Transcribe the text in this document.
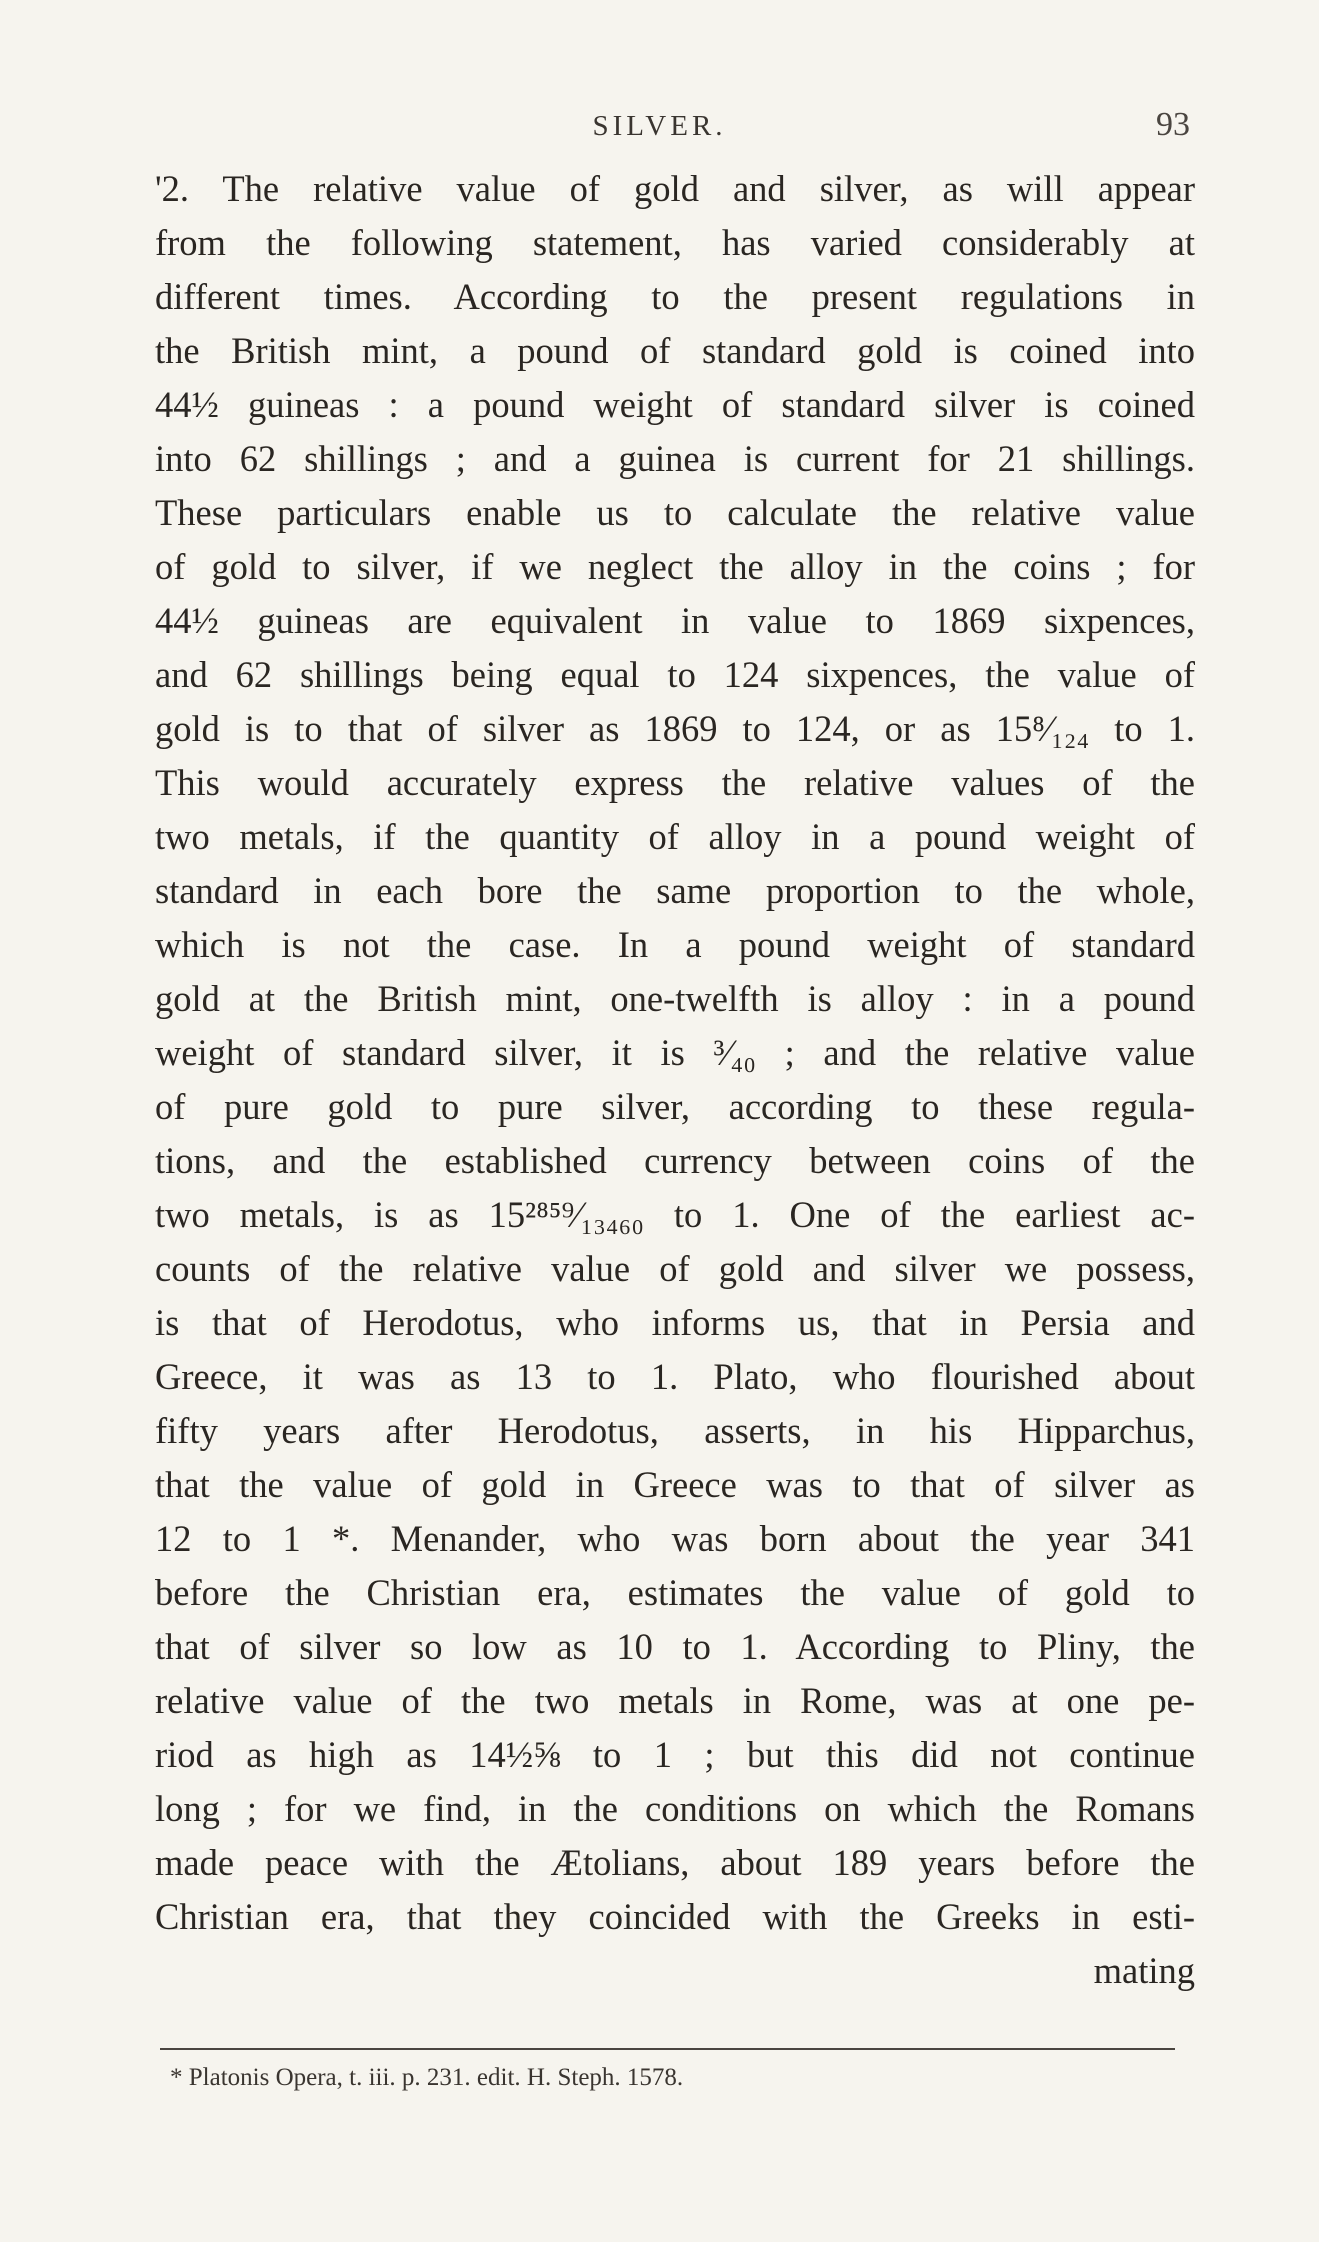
SILVER.	93
'2. The relative value of gold and silver, as will appear
from the following statement, has varied considerably at
different times. According to the present regulations in
the British mint, a pound of standard gold is coined into
44½ guineas : a pound weight of standard silver is coined
into 62 shillings ; and a guinea is current for 21 shillings.
These particulars enable us to calculate the relative value
of gold to silver, if we neglect the alloy in the coins ; for
44½ guineas are equivalent in value to 1869 sixpences,
and 62 shillings being equal to 124 sixpences, the value of
gold is to that of silver as 1869 to 124, or as 15⁸⁄₁₂₄ to 1.
This would accurately express the relative values of the
two metals, if the quantity of alloy in a pound weight of
standard in each bore the same proportion to the whole,
which is not the case. In a pound weight of standard
gold at the British mint, one-twelfth is alloy : in a pound
weight of standard silver, it is ³⁄₄₀ ; and the relative value
of pure gold to pure silver, according to these regula-
tions, and the established currency between coins of the
two metals, is as 15²⁸⁵⁹⁄₁₃₄₆₀ to 1. One of the earliest ac-
counts of the relative value of gold and silver we possess,
is that of Herodotus, who informs us, that in Persia and
Greece, it was as 13 to 1. Plato, who flourished about
fifty years after Herodotus, asserts, in his Hipparchus,
that the value of gold in Greece was to that of silver as
12 to 1 *. Menander, who was born about the year 341
before the Christian era, estimates the value of gold to
that of silver so low as 10 to 1. According to Pliny, the
relative value of the two metals in Rome, was at one pe-
riod as high as 14½⅝ to 1 ; but this did not continue
long ; for we find, in the conditions on which the Romans
made peace with the Ætolians, about 189 years before the
Christian era, that they coincided with the Greeks in esti-
mating
* Platonis Opera, t. iii. p. 231. edit. H. Steph. 1578.
